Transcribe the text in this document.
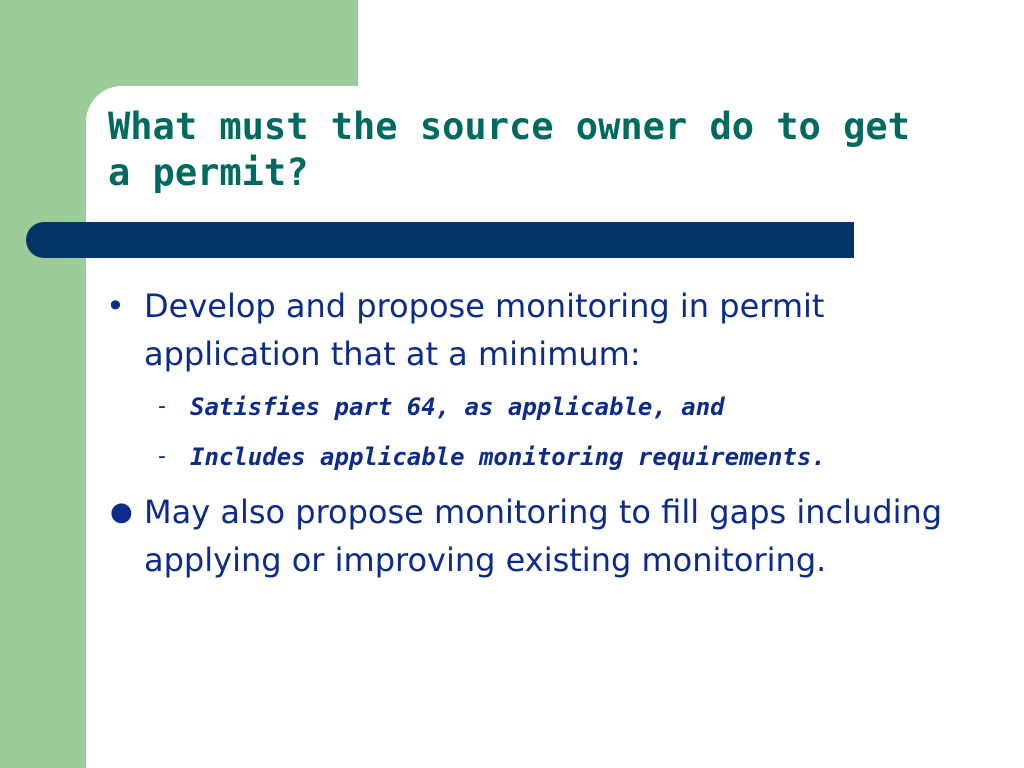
What must the source owner do to get a permit?

• Develop and propose monitoring in permit application that at a minimum:

- Satisfies part 64, as applicable, and
- Includes applicable monitoring requirements.

● May also propose monitoring to fill gaps including applying or improving existing monitoring.
